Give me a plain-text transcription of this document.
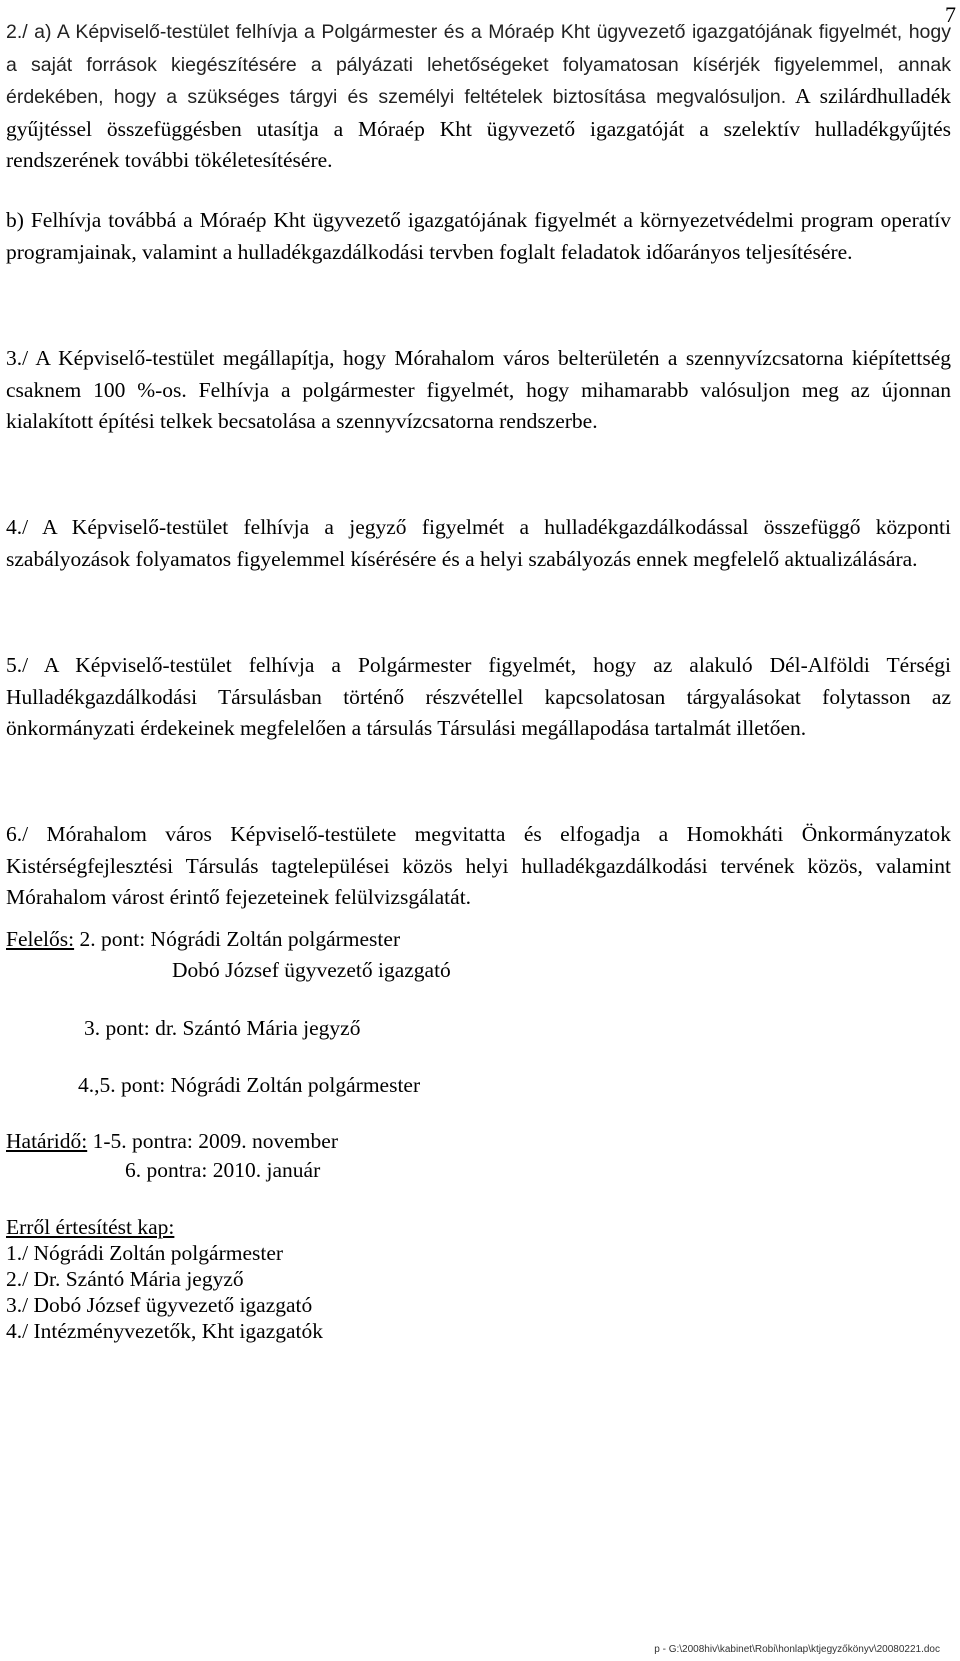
7

2./ a) A Képviselő-testület felhívja a Polgármester és a Móraép Kht ügyvezető igazgatójának figyelmét, hogy a saját források kiegészítésére a pályázati lehetőségeket folyamatosan kísérjék figyelemmel, annak érdekében, hogy a szükséges tárgyi és személyi feltételek biztosítása megvalósuljon. A szilárdhulladék gyűjtéssel összefüggésben utasítja a Móraép Kht ügyvezető igazgatóját a szelektív hulladékgyűjtés rendszerének további tökéletesítésére.

b) Felhívja továbbá a Móraép Kht ügyvezető igazgatójának figyelmét a környezetvédelmi program operatív programjainak, valamint a hulladékgazdálkodási tervben foglalt feladatok időarányos teljesítésére.

3./ A Képviselő-testület megállapítja, hogy Mórahalom város belterületén a szennyvízcsatorna kiépítettség csaknem 100 %-os. Felhívja a polgármester figyelmét, hogy mihamarabb valósuljon meg az újonnan kialakított építési telkek becsatolása a szennyvízcsatorna rendszerbe.

4./ A Képviselő-testület felhívja a jegyző figyelmét a hulladékgazdálkodással összefüggő központi szabályozások folyamatos figyelemmel kísérésére és a helyi szabályozás ennek megfelelő aktualizálására.

5./ A Képviselő-testület felhívja a Polgármester figyelmét, hogy az alakuló Dél-Alföldi Térségi Hulladékgazdálkodási Társulásban történő részvétellel kapcsolatosan tárgyalásokat folytasson az önkormányzati érdekeinek megfelelően a társulás Társulási megállapodása tartalmát illetően.

6./ Mórahalom város Képviselő-testülete megvitatta és elfogadja a Homokháti Önkormányzatok Kistérségfejlesztési Társulás tagtelepülései közös helyi hulladékgazdálkodási tervének közös, valamint Mórahalom várost érintő fejezeteinek felülvizsgálatát.

Felelős: 2. pont: Nógrádi Zoltán polgármester
Dobó József ügyvezető igazgató
3. pont: dr. Szántó Mária jegyző
4.,5. pont: Nógrádi Zoltán polgármester
Határidő: 1-5. pontra: 2009. november
6. pontra: 2010. január
Erről értesítést kap:
1./ Nógrádi Zoltán polgármester
2./ Dr. Szántó Mária jegyző
3./ Dobó József ügyvezető igazgató
4./ Intézményvezetők, Kht igazgatók
p - G:\2008hiv\kabinet\Robi\honlap\ktjegyzőkönyv\20080221.doc
